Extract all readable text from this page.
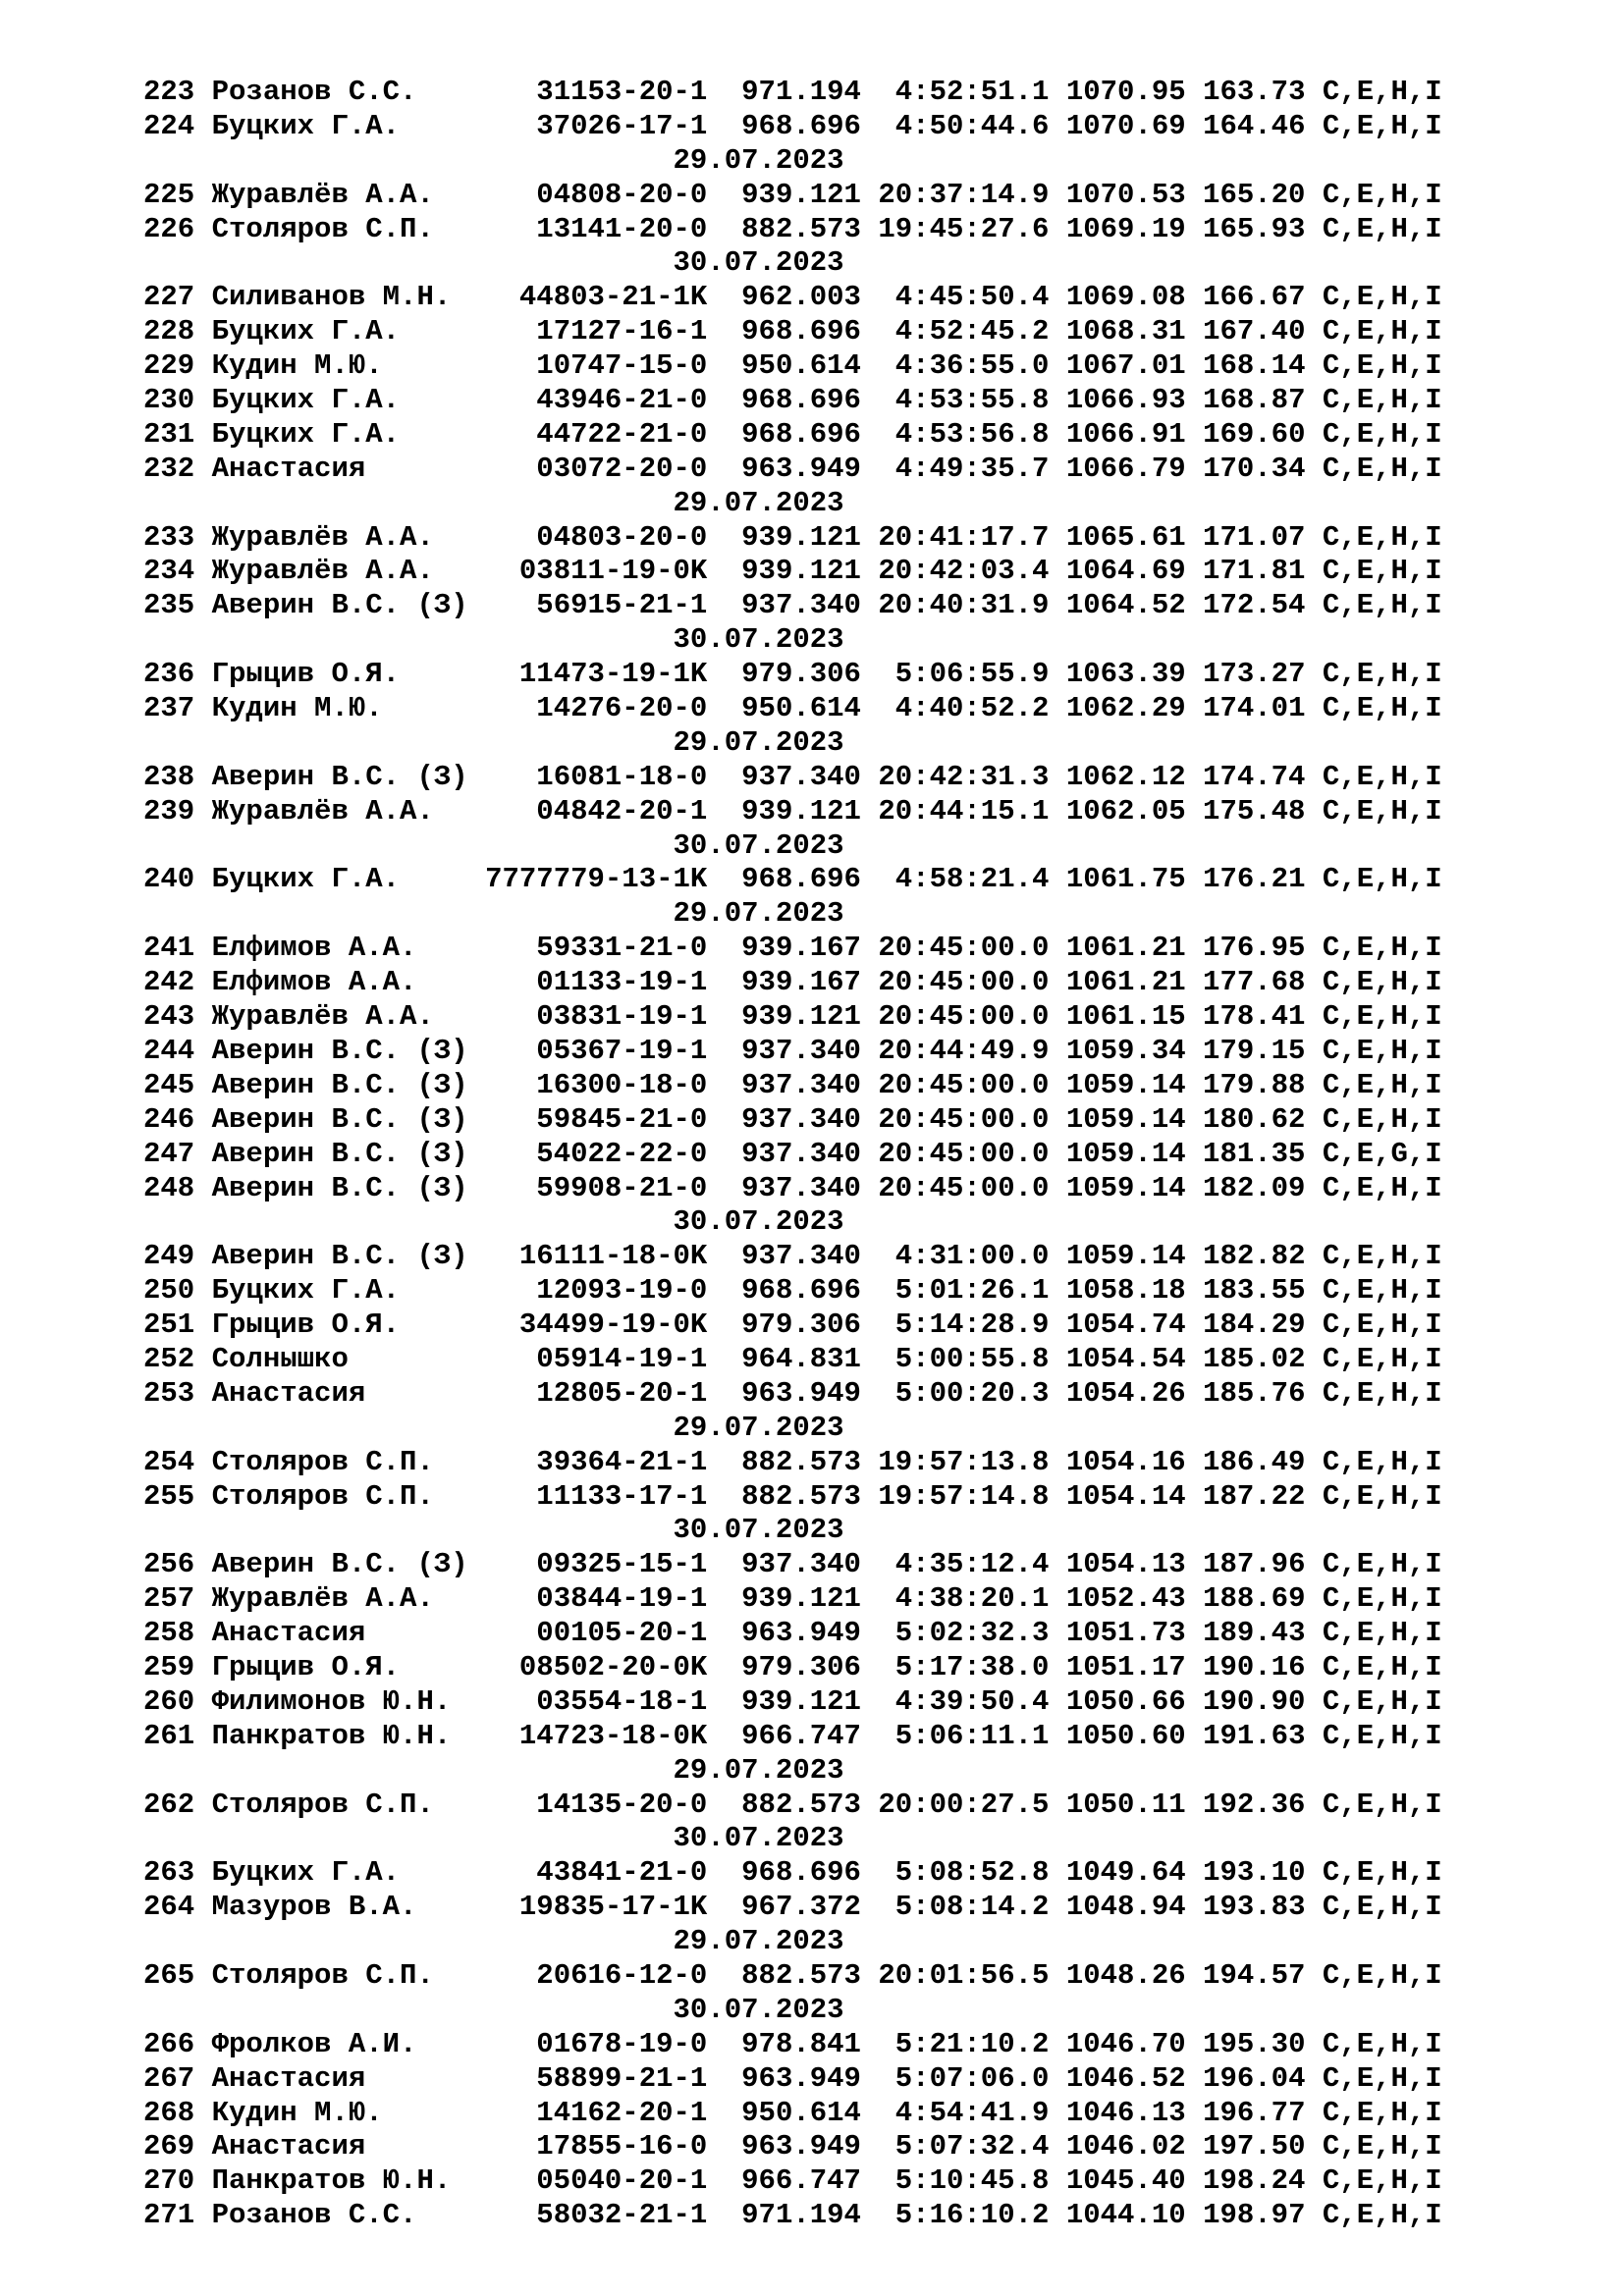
223 Розанов С.С.	31153-20-1 971.194 4:52:51.1 1070.95 163.73 C,E,H,I
224 Буцких Г.А.	37026-17-1 968.696 4:50:44.6 1070.69 164.46 C,E,H,I
29.07.2023
225 Журавлёв А.А.	04808-20-0 939.121 20:37:14.9 1070.53 165.20 C,E,H,I
226 Столяров С.П.	13141-20-0 882.573 19:45:27.6 1069.19 165.93 C,E,H,I
30.07.2023
227 Силиванов М.Н. 44803-21-1K 962.003 4:45:50.4 1069.08 166.67 C,E,H,I
228 Буцких Г.А.	17127-16-1 968.696 4:52:45.2 1068.31 167.40 C,E,H,I
229 Кудин М.Ю.	10747-15-0 950.614 4:36:55.0 1067.01 168.14 C,E,H,I
230 Буцких Г.А.	43946-21-0 968.696 4:53:55.8 1066.93 168.87 C,E,H,I
231 Буцких Г.А.	44722-21-0 968.696 4:53:56.8 1066.91 169.60 C,E,H,I
232 Анастасия	03072-20-0 963.949 4:49:35.7 1066.79 170.34 C,E,H,I
29.07.2023
233 Журавлёв А.А.	04803-20-0 939.121 20:41:17.7 1065.61 171.07 C,E,H,I
234 Журавлёв А.А.	03811-19-0K 939.121 20:42:03.4 1064.69 171.81 C,E,H,I
235 Аверин В.С. (З) 56915-21-1 937.340 20:40:31.9 1064.52 172.54 C,E,H,I
30.07.2023
236 Грыцив О.Я.	11473-19-1K 979.306 5:06:55.9 1063.39 173.27 C,E,H,I
237 Кудин М.Ю.	14276-20-0 950.614 4:40:52.2 1062.29 174.01 C,E,H,I
29.07.2023
238 Аверин В.С. (З) 16081-18-0 937.340 20:42:31.3 1062.12 174.74 C,E,H,I
239 Журавлёв А.А.	04842-20-1 939.121 20:44:15.1 1062.05 175.48 C,E,H,I
30.07.2023
240 Буцких Г.А.	7777779-13-1K 968.696 4:58:21.4 1061.75 176.21 C,E,H,I
29.07.2023
241 Елфимов А.А.	59331-21-0 939.167 20:45:00.0 1061.21 176.95 C,E,H,I
242 Елфимов А.А.	01133-19-1 939.167 20:45:00.0 1061.21 177.68 C,E,H,I
243 Журавлёв А.А.	03831-19-1 939.121 20:45:00.0 1061.15 178.41 C,E,H,I
244 Аверин В.С. (З) 05367-19-1 937.340 20:44:49.9 1059.34 179.15 C,E,H,I
245 Аверин В.С. (З) 16300-18-0 937.340 20:45:00.0 1059.14 179.88 C,E,H,I
246 Аверин В.С. (З) 59845-21-0 937.340 20:45:00.0 1059.14 180.62 C,E,H,I
247 Аверин В.С. (З) 54022-22-0 937.340 20:45:00.0 1059.14 181.35 C,E,G,I
248 Аверин В.С. (З) 59908-21-0 937.340 20:45:00.0 1059.14 182.09 C,E,H,I
30.07.2023
249 Аверин В.С. (З) 16111-18-0K 937.340 4:31:00.0 1059.14 182.82 C,E,H,I
250 Буцких Г.А.	12093-19-0 968.696 5:01:26.1 1058.18 183.55 C,E,H,I
251 Грыцив О.Я.	34499-19-0K 979.306 5:14:28.9 1054.74 184.29 C,E,H,I
252 Солнышко	05914-19-1 964.831 5:00:55.8 1054.54 185.02 C,E,H,I
253 Анастасия	12805-20-1 963.949 5:00:20.3 1054.26 185.76 C,E,H,I
29.07.2023
254 Столяров С.П.	39364-21-1 882.573 19:57:13.8 1054.16 186.49 C,E,H,I
255 Столяров С.П.	11133-17-1 882.573 19:57:14.8 1054.14 187.22 C,E,H,I
30.07.2023
256 Аверин В.С. (З) 09325-15-1 937.340 4:35:12.4 1054.13 187.96 C,E,H,I
257 Журавлёв А.А.	03844-19-1 939.121 4:38:20.1 1052.43 188.69 C,E,H,I
258 Анастасия	00105-20-1 963.949 5:02:32.3 1051.73 189.43 C,E,H,I
259 Грыцив О.Я.	08502-20-0K 979.306 5:17:38.0 1051.17 190.16 C,E,H,I
260 Филимонов Ю.Н.	03554-18-1 939.121 4:39:50.4 1050.66 190.90 C,E,H,I
261 Панкратов Ю.Н. 14723-18-0K 966.747 5:06:11.1 1050.60 191.63 C,E,H,I
29.07.2023
262 Столяров С.П.	14135-20-0 882.573 20:00:27.5 1050.11 192.36 C,E,H,I
30.07.2023
263 Буцких Г.А.	43841-21-0 968.696 5:08:52.8 1049.64 193.10 C,E,H,I
264 Мазуров В.А.	19835-17-1K 967.372 5:08:14.2 1048.94 193.83 C,E,H,I
29.07.2023
265 Столяров С.П.	20616-12-0 882.573 20:01:56.5 1048.26 194.57 C,E,H,I
30.07.2023
266 Фролков А.И.	01678-19-0 978.841 5:21:10.2 1046.70 195.30 C,E,H,I
267 Анастасия	58899-21-1 963.949 5:07:06.0 1046.52 196.04 C,E,H,I
268 Кудин М.Ю.	14162-20-1 950.614 4:54:41.9 1046.13 196.77 C,E,H,I
269 Анастасия	17855-16-0 963.949 5:07:32.4 1046.02 197.50 C,E,H,I
270 Панкратов Ю.Н.	05040-20-1 966.747 5:10:45.8 1045.40 198.24 C,E,H,I
271 Розанов С.С.	58032-21-1 971.194 5:16:10.2 1044.10 198.97 C,E,H,I
